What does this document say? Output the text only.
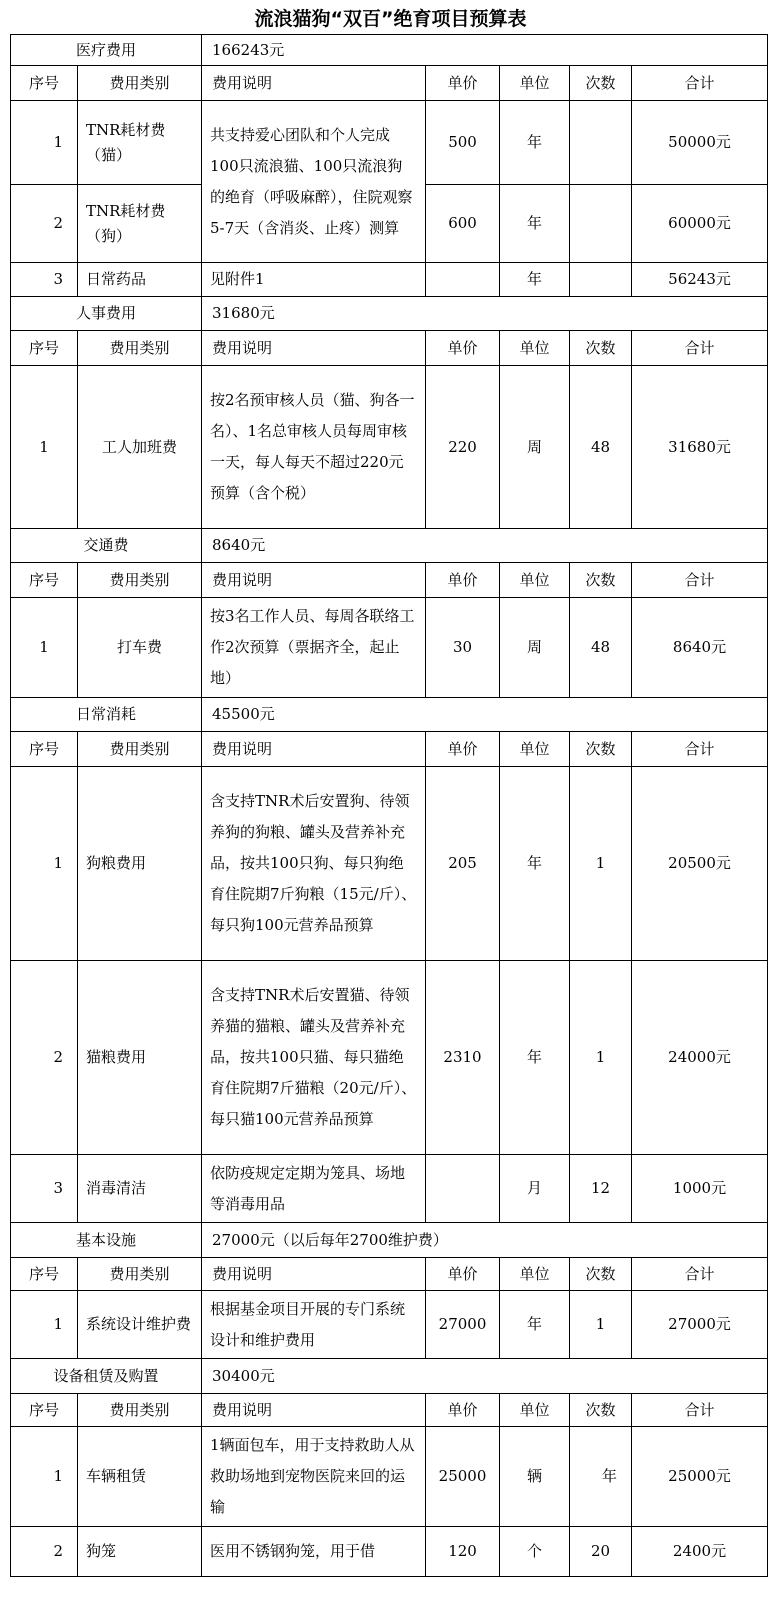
流浪猫狗“双百”绝育项目预算表
医疗费用		166243元				
序号	费用类别	费用说明	单价	单位	次数	合计
1	TNR耗材费（猫）	共支持爱心团队和个人完成100只流浪猫、100只流浪狗的绝育（呼吸麻醉），住院观察5-7天（含消炎、止疼）测算	500	年		50000元
2	TNR耗材费（狗）		600	年		60000元
3	日常药品	见附件1		年		56243元
人事费用		31680元				
序号	费用类别	费用说明	单价	单位	次数	合计
1	工人加班费	按2名预审核人员（猫、狗各一名）、1名总审核人员每周审核一天，每人每天不超过220元预算（含个税）	220	周	48	31680元
交通费		8640元				
序号	费用类别	费用说明	单价	单位	次数	合计
1	打车费	按3名工作人员、每周各联络工作2次预算（票据齐全，起止地）	30	周	48	8640元
日常消耗		45500元				
序号	费用类别	费用说明	单价	单位	次数	合计
1	狗粮费用	含支持TNR术后安置狗、待领养狗的狗粮、罐头及营养补充品，按共100只狗、每只狗绝育住院期7斤狗粮（15元/斤）、每只狗100元营养品预算	205	年	1	20500元
2	猫粮费用	含支持TNR术后安置猫、待领养猫的猫粮、罐头及营养补充品，按共100只猫、每只猫绝育住院期7斤猫粮（20元/斤）、每只猫100元营养品预算	2310	年	1	24000元
3	消毒清洁	依防疫规定定期为笼具、场地等消毒用品		月	12	1000元
基本设施		27000元（以后每年2700维护费）				
序号	费用类别	费用说明	单价	单位	次数	合计
1	系统设计维护费	根据基金项目开展的专门系统设计和维护费用	27000	年	1	27000元
设备租赁及购置		30400元				
序号	费用类别	费用说明	单价	单位	次数	合计
1	车辆租赁	1辆面包车，用于支持救助人从救助场地到宠物医院来回的运输	25000	辆	年	25000元
2	狗笼	医用不锈钢狗笼，用于借	120	个	20	2400元
